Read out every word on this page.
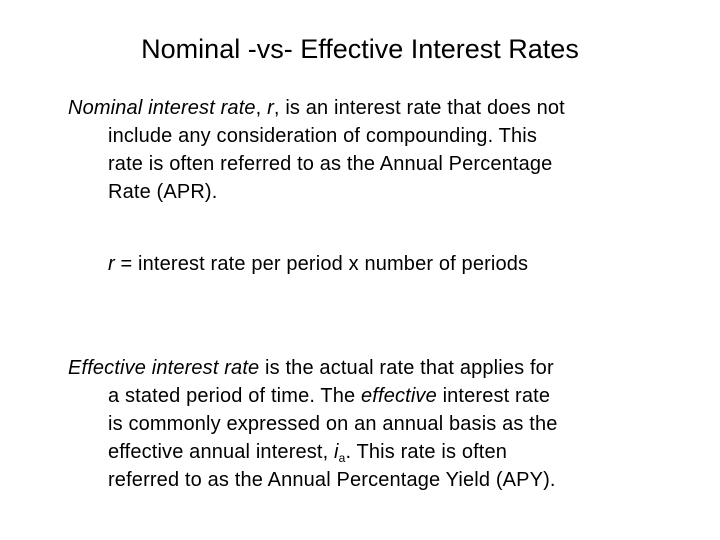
Nominal -vs- Effective Interest Rates
Nominal interest rate, r, is an interest rate that does not
include any consideration of compounding. This
rate is often referred to as the Annual Percentage
Rate (APR).
r = interest rate per period x number of periods
Effective interest rate is the actual rate that applies for
a stated period of time. The effective interest rate
is commonly expressed on an annual basis as the
effective annual interest, $i_a$. This rate is often
referred to as the Annual Percentage Yield (APY).
